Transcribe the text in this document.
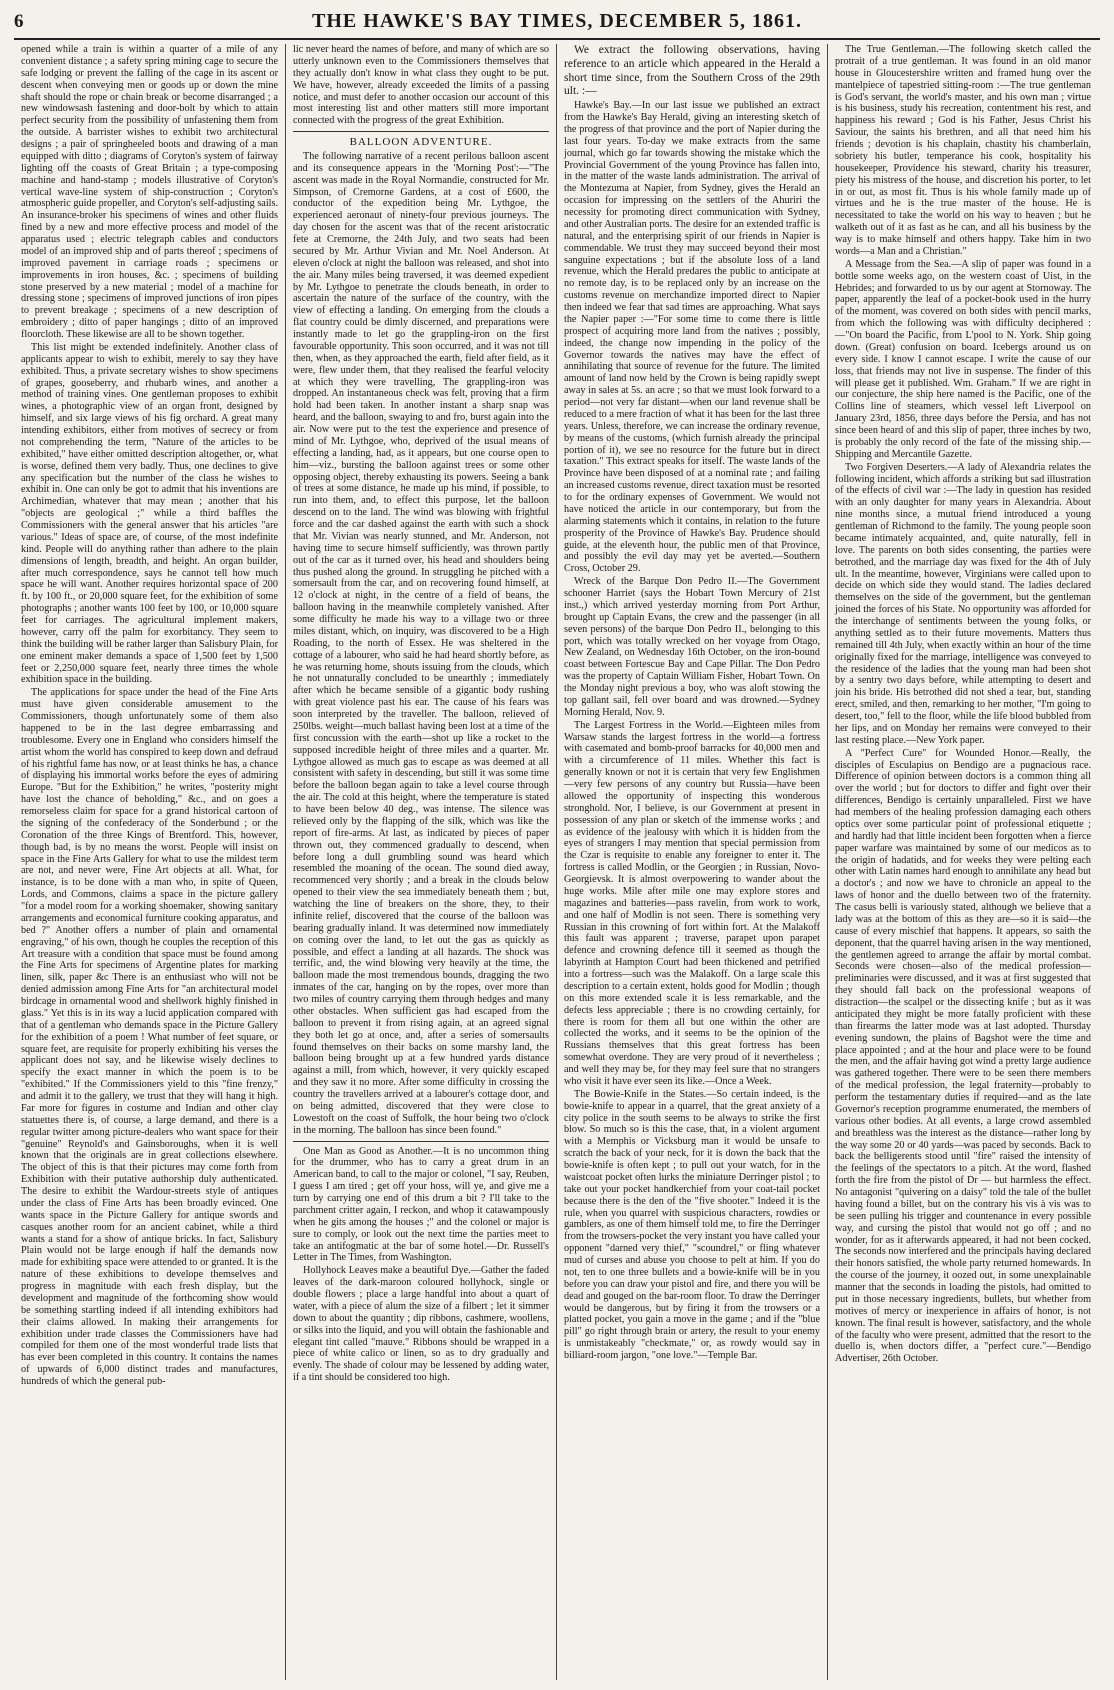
6	THE HAWKE'S BAY TIMES, DECEMBER 5, 1861.

opened while a train is within a quarter of a mile of any convenient distance ; a safety spring mining cage to secure the safe lodging or prevent the falling of the cage in its ascent or descent when conveying men or goods up or down the mine shaft should the rope or chain break or become disarranged ; a new windowsash fastening and door-bolt by which to attain perfect security from the possibility of unfastening them from the outside. A barrister wishes to exhibit two architectural designs ; a pair of springheeled boots and drawing of a man equipped with ditto ; diagrams of Coryton's system of fairway lighting off the coasts of Great Britain ; a type-composing machine and hand-stamp ; models illustrative of Coryton's vertical wave-line system of ship-construction ; Coryton's atmospheric guide propeller, and Coryton's self-adjusting sails. An insurance-broker his specimens of wines and other fluids fined by a new and more effective process and model of the apparatus used ; electric telegraph cables and conductors model of an improved ship and of parts thereof ; specimens of improved pavement in carriage roads ; specimens or improvements in iron houses, &c. ; specimens of building stone preserved by a new material ; model of a machine for dressing stone ; specimens of improved junctions of iron pipes to prevent breakage ; specimens of a new description of embroidery ; ditto of paper hangings ; ditto of an improved floorcloth. These likewise are all to be shown together.

This list might be extended indefinitely. Another class of applicants appear to wish to exhibit, merely to say they have exhibited. Thus, a private secretary wishes to show specimens of grapes, gooseberry, and rhubarb wines, and another a method of training vines. One gentleman proposes to exhibit wines, a photographic view of an organ front, designed by himself, and six large views of his fig orchard. A great many intending exhibitors, either from motives of secrecy or from not comprehending the term, "Nature of the articles to be exhibited," have either omitted description altogether, or, what is worse, defined them very badly. Thus, one declines to give any specification but the number of the class he wishes to exhibit in. One can only be got to admit that his inventions are Archimedian, whatever that may mean ; another that his "objects are geological ;" while a third baffles the Commissioners with the general answer that his articles "are various." Ideas of space are, of course, of the most indefinite kind. People will do anything rather than adhere to the plain dimensions of length, breadth, and height. An organ builder, after much correspondence, says he cannot tell how much space he will want. Another requires horizontal space of 200 ft. by 100 ft., or 20,000 square feet, for the exhibition of some photographs ; another wants 100 feet by 100, or 10,000 square feet for carriages. The agricultural implement makers, however, carry off the palm for exorbitancy. They seem to think the building will be rather larger than Salisbury Plain, for one eminent maker demands a space of 1,500 feet by 1,500 feet or 2,250,000 square feet, nearly three times the whole exhibition space in the building.

The applications for space under the head of the Fine Arts must have given considerable amusement to the Commissioners, though unfortunately some of them also happened to be in the last degree embarrassing and troublesome. Every one in England who considers himself the artist whom the world has conspired to keep down and defraud of his rightful fame has now, or at least thinks he has, a chance of displaying his immortal works before the eyes of admiring Europe. "But for the Exhibition," he writes, "posterity might have lost the chance of beholding," &c., and on goes a remorseless claim for space for a grand historical cartoon of the signing of the confederacy of the Sonderbund ; or the Coronation of the three Kings of Brentford. This, however, though bad, is by no means the worst. People will insist on space in the Fine Arts Gallery for what to use the mildest term are not, and never were, Fine Art objects at all. What, for instance, is to be done with a man who, in spite of Queen, Lords, and Commons, claims a space in the picture gallery "for a model room for a working shoemaker, showing sanitary arrangements and economical furniture cooking apparatus, and bed ?" Another offers a number of plain and ornamental engraving," of his own, though he couples the reception of this Art treasure with a condition that space must be found among the Fine Arts for specimens of Argentine plates for marking linen, silk, paper &c There is an enthusiast who will not be denied admission among Fine Arts for "an architectural model birdcage in ornamental wood and shellwork highly finished in glass." Yet this is in its way a lucid application compared with that of a gentleman who demands space in the Picture Gallery for the exhibition of a poem ! What number of feet square, or square feet, are requisite for properly exhibiting his verses the applicant does not say, and he likewise wisely declines to specify the exact manner in which the poem is to be "exhibited." If the Commissioners yield to this "fine frenzy," and admit it to the gallery, we trust that they will hang it high. Far more for figures in costume and Indian and other clay statuettes there is, of course, a large demand, and there is a regular twitter among picture-dealers who want space for their "genuine" Reynold's and Gainsboroughs, when it is well known that the originals are in great collections elsewhere. The object of this is that their pictures may come forth from Exhibition with their putative authorship duly authenticated. The desire to exhibit the Wardour-streets style of antiques under the class of Fine Arts has been broadly evinced. One wants space in the Picture Gallery for antique swords and casques another room for an ancient cabinet, while a third wants a stand for a show of antique bricks. In fact, Salisbury Plain would not be large enough if half the demands now made for exhibiting space were attended to or granted. It is the nature of these exhibitions to develope themselves and progress in magnitude with each fresh display, but the development and magnitude of the forthcoming show would be something startling indeed if all intending exhibitors had their claims allowed. In making their arrangements for exhibition under trade classes the Commissioners have had compiled for them one of the most wonderful trade lists that has ever been completed in this country. It contains the names of upwards of 6,000 distinct trades and manufactures, hundreds of which the general pub-

lic never heard the names of before, and many of which are so utterly unknown even to the Commissioners themselves that they actually don't know in what class they ought to be put. We have, however, already exceeded the limits of a passing notice, and must defer to another occasion our account of this most interesting list and other matters still more important connected with the progress of the great Exhibition.

BALLOON ADVENTURE.

The following narrative of a recent perilous balloon ascent and its consequence appears in the 'Morning Post':—"The ascent was made in the Royal Normandie, constructed for Mr. Simpson, of Cremorne Gardens, at a cost of £600, the conductor of the expedition being Mr. Lythgoe, the experienced aeronaut of ninety-four previous journeys. The day chosen for the ascent was that of the recent aristocratic fete at Cremorne, the 24th July, and two seats had been secured by Mr. Arthur Vivian and Mr. Noel Anderson. At eleven o'clock at night the balloon was released, and shot into the air. Many miles being traversed, it was deemed expedient by Mr. Lythgoe to penetrate the clouds beneath, in order to ascertain the nature of the surface of the country, with the view of effecting a landing. On emerging from the clouds a flat country could be dimly discerned, and preparations were instantly made to let go the grappling-iron on the first favourable opportunity. This soon occurred, and it was not till then, when, as they approached the earth, field after field, as it were, flew under them, that they realised the fearful velocity at which they were travelling, The grappling-iron was dropped. An instantaneous check was felt, proving that a firm hold had been taken. In another instant a sharp snap was heard, and the balloon, swaying to and fro, burst again into the air. Now were put to the test the experience and presence of mind of Mr. Lythgoe, who, deprived of the usual means of effecting a landing, had, as it appears, but one course open to him—viz., bursting the balloon against trees or some other opposing object, thereby exhausting its powers. Seeing a bank of trees at some distance, he made up his mind, if possible, to run into them, and, to effect this purpose, let the balloon descend on to the land. The wind was blowing with frightful force and the car dashed against the earth with such a shock that Mr. Vivian was nearly stunned, and Mr. Anderson, not having time to secure himself sufficiently, was thrown partly out of the car as it turned over, his head and shoulders being thus pushed along the ground. In struggling he pitched with a somersault from the car, and on recovering found himself, at 12 o'clock at night, in the centre of a field of beans, the balloon having in the meanwhile completely vanished. After some difficulty he made his way to a village two or three miles distant, which, on inquiry, was discovered to be a High Roading, to the north of Essex. He was sheltered in the cottage of a labourer, who said he had heard shortly before, as he was returning home, shouts issuing from the clouds, which he not unnaturally concluded to be unearthly ; immediately after which he became sensible of a gigantic body rushing with great violence past his ear. The cause of his fears was soon interpreted by the traveller. The balloon, relieved of 250lbs. weight—much ballast having been lost at a time of the first concussion with the earth—shot up like a rocket to the supposed incredible height of three miles and a quarter. Mr. Lythgoe allowed as much gas to escape as was deemed at all consistent with safety in descending, but still it was some time before the balloon began again to take a level course through the air. The cold at this height, where the temperature is stated to have been below 40 deg., was intense. The silence was relieved only by the flapping of the silk, which was like the report of fire-arms. At last, as indicated by pieces of paper thrown out, they commenced gradually to descend, when before long a dull grumbling sound was heard which resembled the moaning of the ocean. The sound died away, recommenced very shortly ; and a break in the clouds below opened to their view the sea immediately beneath them ; but, watching the line of breakers on the shore, they, to their infinite relief, discovered that the course of the balloon was bearing gradually inland. It was determined now immediately on coming over the land, to let out the gas as quickly as possible, and effect a landing at all hazards. The shock was terrific, and, the wind blowing very heavily at the time, the balloon made the most tremendous bounds, dragging the two inmates of the car, hanging on by the ropes, over more than two miles of country carrying them through hedges and many other obstacles. When sufficient gas had escaped from the balloon to prevent it from rising again, at an agreed signal they both let go at once, and, after a series of somersaults found themselves on their backs on some marshy land, the balloon being brought up at a few hundred yards distance against a mill, from which, however, it very quickly escaped and they saw it no more. After some difficulty in crossing the country the travellers arrived at a labourer's cottage door, and on being admitted, discovered that they were close to Lowestoft on the coast of Suffolk, the hour being two o'clock in the morning. The balloon has since been found."

One Man as Good as Another.—It is no uncommon thing for the drummer, who has to carry a great drum in an American band, to call to the major or colonel, "I say, Reuben, I guess I am tired ; get off your hoss, will ye, and give me a turn by carrying one end of this drum a bit ? I'll take to the parchment critter again, I reckon, and whop it catawampously when he gits among the houses ;" and the colonel or major is sure to comply, or look out the next time the parties meet to take an antifogmatic at the bar of some hotel.—Dr. Russell's Letter in The Times, from Washington.

Hollyhock Leaves make a beautiful Dye.—Gather the faded leaves of the dark-maroon coloured hollyhock, single or double flowers ; place a large handful into about a quart of water, with a piece of alum the size of a filbert ; let it simmer down to about the quantity ; dip ribbons, cashmere, woollens, or silks into the liquid, and you will obtain the fashionable and elegant tint called "mauve." Ribbons should be wrapped in a piece of white calico or linen, so as to dry gradually and evenly. The shade of colour may be lessened by adding water, if a tint should be considered too high.

We extract the following observations, having reference to an article which appeared in the Herald a short time since, from the Southern Cross of the 29th ult. :—

Hawke's Bay.—In our last issue we published an extract from the Hawke's Bay Herald, giving an interesting sketch of the progress of that province and the port of Napier during the last four years. To-day we make extracts from the same journal, which go far towards showing the mistake which the Provincial Government of the young Province has fallen into, in the matter of the waste lands administration. The arrival of the Montezuma at Napier, from Sydney, gives the Herald an occasion for impressing on the settlers of the Ahuriri the necessity for promoting direct communication with Sydney, and other Australian ports. The desire for an extended traffic is natural, and the enterprising spirit of our friends in Napier is commendable. We trust they may succeed beyond their most sanguine expectations ; but if the absolute loss of a land revenue, which the Herald predares the public to anticipate at no remote day, is to be replaced only by an increase on the customs revenue on merchandize imported direct to Napier then indeed we fear that sad times are approaching. What says the Napier paper :—"For some time to come there is little prospect of acquiring more land from the natives ; possibly, indeed, the change now impending in the policy of the Governor towards the natives may have the effect of annihilating that source of revenue for the future. The limited amount of land now held by the Crown is being rapidly swept away in sales at 5s. an acre ; so that we must look forward to a period—not very far distant—when our land revenue shall be reduced to a mere fraction of what it has been for the last three years. Unless, therefore, we can increase the ordinary revenue, by means of the customs, (which furnish already the principal portion of it), we see no resource for the future but in direct taxation." This extract speaks for itself. The waste lands of the Province have been disposed of at a nominal rate ; and failing an increased customs revenue, direct taxation must be resorted to for the ordinary expenses of Government. We would not have noticed the article in our contemporary, but from the alarming statements which it contains, in relation to the future prosperity of the Province of Hawke's Bay. Prudence should guide, at the eleventh hour, the public men of that Province, and possibly the evil day may yet be averted.—Southern Cross, October 29.

Wreck of the Barque Don Pedro II.—The Government schooner Harriet (says the Hobart Town Mercury of 21st inst.,) which arrived yesterday morning from Port Arthur, brought up Captain Evans, the crew and the passenger (in all seven persons) of the barque Don Pedro II., belonging to this port, which was totally wrecked on her voyage from Otago, New Zealand, on Wednesday 16th October, on the iron-bound coast between Fortescue Bay and Cape Pillar. The Don Pedro was the property of Captain William Fisher, Hobart Town. On the Monday night previous a boy, who was aloft stowing the top gallant sail, fell over board and was drowned.—Sydney Morning Herald, Nov. 9.

The Largest Fortress in the World.—Eighteen miles from Warsaw stands the largest fortress in the world—a fortress with casemated and bomb-proof barracks for 40,000 men and with a circumference of 11 miles. Whether this fact is generally known or not it is certain that very few Englishmen—very few persons of any country but Russia—have been allowed the opportunity of inspecting this wonderous stronghold. Nor, I believe, is our Government at present in possession of any plan or sketch of the immense works ; and as evidence of the jealousy with which it is hidden from the eyes of strangers I may mention that special permission from the Czar is requisite to enable any foreigner to enter it. The fortress is called Modlin, or the Georgien ; in Russian, Novo-Georgievsk. It is almost overpowering to wander about the huge works. Mile after mile one may explore stores and magazines and batteries—pass ravelin, from work to work, and one half of Modlin is not seen. There is something very Russian in this crowning of fort within fort. At the Malakoff this fault was apparent ; traverse, parapet upon parapet defence and crowning defence till it seemed as though the labyrinth at Hampton Court had been thickened and petrified into a fortress—such was the Malakoff. On a large scale this description to a certain extent, holds good for Modlin ; though on this more extended scale it is less remarkable, and the defects less appreciable ; there is no crowding certainly, for there is room for them all but one within the other are collected the works, and it seems to be the opinion of the Russians themselves that this great fortress has been somewhat overdone. They are very proud of it nevertheless ; and well they may be, for they may feel sure that no strangers who visit it have ever seen its like.—Once a Week.

The Bowie-Knife in the States.—So certain indeed, is the bowie-knife to appear in a quarrel, that the great anxiety of a city police in the south seems to be always to strike the first blow. So much so is this the case, that, in a violent argument with a Memphis or Vicksburg man it would be unsafe to scratch the back of your neck, for it is down the back that the bowie-knife is often kept ; to pull out your watch, for in the waistcoat pocket often lurks the miniature Derringer pistol ; to take out your pocket handkerchief from your coat-tail pocket because there is the den of the "five shooter." Indeed it is the rule, when you quarrel with suspicious characters, rowdies or gamblers, as one of them himself told me, to fire the Derringer from the trowsers-pocket the very instant you have called your opponent "darned very thief," "scoundrel," or fling whatever mud of curses and abuse you choose to pelt at him. If you do not, ten to one three bullets and a bowie-knife will be in you before you can draw your pistol and fire, and there you will be dead and gouged on the bar-room floor. To draw the Derringer would be dangerous, but by firing it from the trowsers or a platted pocket, you gain a move in the game ; and if the "blue pill" go right through brain or artery, the result to your enemy is unmistakeably "checkmate," or, as rowdy would say in billiard-room jargon, "one love."—Temple Bar.

The True Gentleman.—The following sketch called the protrait of a true gentleman. It was found in an old manor house in Gloucestershire written and framed hung over the mantelpiece of tapestried sitting-room :—The true gentleman is God's servant, the world's master, and his own man ; virtue is his business, study his recreation, contentment his rest, and happiness his reward ; God is his Father, Jesus Christ his Saviour, the saints his brethren, and all that need him his friends ; devotion is his chaplain, chastity his chamberlain, sobriety his butler, temperance his cook, hospitality his housekeeper, Providence his steward, charity his treasurer, piety his mistress of the house, and discretion his porter, to let in or out, as most fit. Thus is his whole family made up of virtues and he is the true master of the house. He is necessitated to take the world on his way to heaven ; but he walketh out of it as fast as he can, and all his business by the way is to make himself and others happy. Take him in two words—a Man and a Christian."

A Message from the Sea.—A slip of paper was found in a bottle some weeks ago, on the western coast of Uist, in the Hebrides; and forwarded to us by our agent at Stornoway. The paper, apparently the leaf of a pocket-book used in the hurry of the moment, was covered on both sides with pencil marks, from which the following was with difficulty deciphered :—"On board the Pacific, from L'pool to N. York. Ship going down. (Great) confusion on board. Icebergs around us on every side. I know I cannot escape. I write the cause of our loss, that friends may not live in suspense. The finder of this will please get it published. Wm. Graham." If we are right in our conjecture, the ship here named is the Pacific, one of the Collins line of steamers, which vessel left Liverpool on January 23rd, 1856, three days before the Persia, and has not since been heard of and this slip of paper, three inches by two, is probably the only record of the fate of the missing ship.—Shipping and Mercantile Gazette.

Two Forgiven Deserters.—A lady of Alexandria relates the following incident, which affords a striking but sad illustration of the effects of civil war :—The lady in question has resided with an only daughter for many years in Alexandria. About nine months since, a mutual friend introduced a young gentleman of Richmond to the family. The young people soon became intimately acquainted, and, quite naturally, fell in love. The parents on both sides consenting, the parties were betrothed, and the marriage day was fixed for the 4th of July ult. In the meantime, however, Virginians were called upon to decide on which side they would stand. The ladies declared themselves on the side of the government, but the gentleman joined the forces of his State. No opportunity was afforded for the interchange of sentiments between the young folks, or anything settled as to their future movements. Matters thus remained till 4th July, when exactly within an hour of the time originally fixed for the marriage, intelligence was conveyed to the residence of the ladies that the young man had been shot by a sentry two days before, while attempting to desert and join his bride. His betrothed did not shed a tear, but, standing erect, smiled, and then, remarking to her mother, "I'm going to desert, too," fell to the floor, while the life blood bubbled from her lips, and on Monday her remains were conveyed to their last resting place.—New York paper.

A "Perfect Cure" for Wounded Honor.—Really, the disciples of Esculapius on Bendigo are a pugnacious race. Difference of opinion between doctors is a common thing all over the world ; but for doctors to differ and fight over their differences, Bendigo is certainly unparalleled. First we have had members of the healing profession damaging each others optics over some particular point of professional etiquette ; and hardly had that little incident been forgotten when a fierce paper warfare was maintained by some of our medicos as to the origin of hadatids, and for weeks they were pelting each other with Latin names hard enough to annihilate any head but a doctor's ; and now we have to chronicle an appeal to the laws of honor and the duello between two of the fraternity. The casus belli is variously stated, although we believe that a lady was at the bottom of this as they are—so it is said—the cause of every mischief that happens. It appears, so saith the deponent, that the quarrel having arisen in the way mentioned, the gentlemen agreed to arrange the affair by mortal combat. Seconds were chosen—also of the medical profession—preliminaries were discussed, and it was at first suggested that they should fall back on the professional weapons of distraction—the scalpel or the dissecting knife ; but as it was anticipated they might be more fatally proficient with these than firearms the latter mode was at last adopted. Thursday evening sundown, the plains of Bagshot were the time and place appointed ; and at the hour and place were to be found the men, and the affair having got wind a pretty large audience was gathered together. There were to be seen there members of the medical profession, the legal fraternity—probably to perform the testamentary duties if required—and as the late Governor's reception programme enumerated, the members of various other bodies. At all events, a large crowd assembled and breathless was the interest as the distance—rather long by the way some 20 or 40 yards—was paced by seconds. Back to back the belligerents stood until "fire" raised the intensity of the feelings of the spectators to a pitch. At the word, flashed forth the fire from the pistol of Dr — but harmless the effect. No antagonist "quivering on a daisy" told the tale of the bullet having found a billet, but on the contrary his vis à vis was to be seen pulling his trigger and countenance in every possible way, and cursing the pistol that would not go off ; and no wonder, for as it afterwards appeared, it had not been cocked. The seconds now interfered and the principals having declared their honors satisfied, the whole party returned homewards. In the course of the journey, it oozed out, in some unexplainable manner that the seconds in loading the pistols, had omitted to put in those necessary ingredients, bullets, but whether from motives of mercy or inexperience in affairs of honor, is not known. The final result is however, satisfactory, and the whole of the faculty who were present, admitted that the resort to the duello is, when doctors differ, a "perfect cure."—Bendigo Advertiser, 26th October.
